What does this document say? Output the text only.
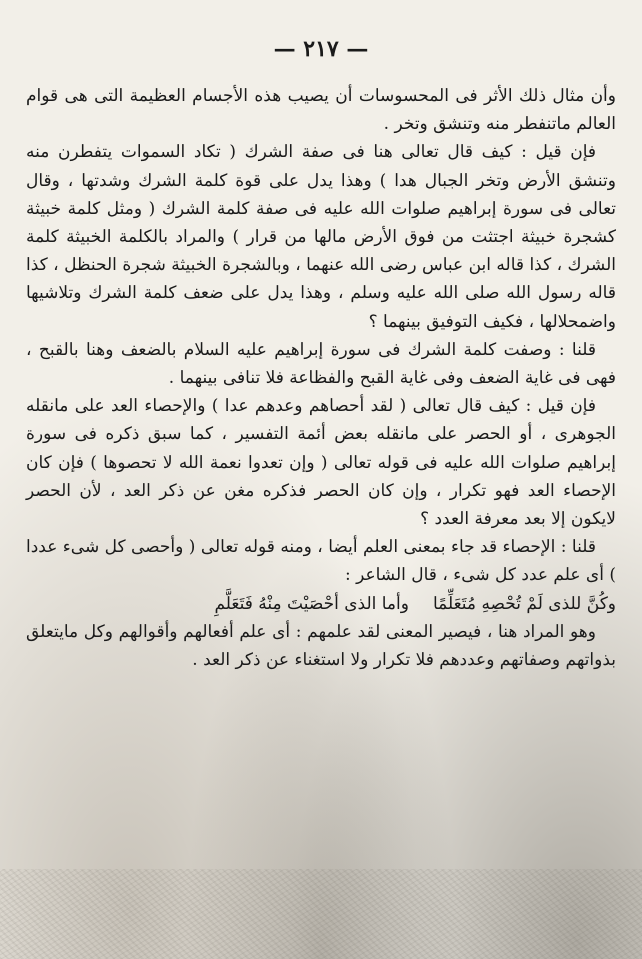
— ٢١٧ —

وأن مثال ذلك الأثر فى المحسوسات أن يصيب هذه الأجسام العظيمة التى هى قوام العالم ماتنفطر منه وتنشق وتخر .

فإن قيل : كيف قال تعالى هنا فى صفة الشرك ( تكاد السموات يتفطرن منه وتنشق الأرض وتخر الجبال هدا ) وهذا يدل على قوة كلمة الشرك وشدتها ، وقال تعالى فى سورة إبراهيم صلوات الله عليه فى صفة كلمة الشرك ( ومثل كلمة خبيثة كشجرة خبيثة اجتثت من فوق الأرض مالها من قرار ) والمراد بالكلمة الخبيثة كلمة الشرك ، كذا قاله ابن عباس رضى الله عنهما ، وبالشجرة الخبيثة شجرة الحنظل ، كذا قاله رسول الله صلى الله عليه وسلم ، وهذا يدل على ضعف كلمة الشرك وتلاشيها واضمحلالها ، فكيف التوفيق بينهما ؟

قلنا : وصفت كلمة الشرك فى سورة إبراهيم عليه السلام بالضعف وهنا بالقبح ، فهى فى غاية الضعف وفى غاية القبح والفظاعة فلا تنافى بينهما .

فإن قيل : كيف قال تعالى ( لقد أحصاهم وعدهم عدا ) والإحصاء العد على مانقله الجوهرى ، أو الحصر على مانقله بعض أئمة التفسير ، كما سبق ذكره فى سورة إبراهيم صلوات الله عليه فى قوله تعالى ( وإن تعدوا نعمة الله لا تحصوها ) فإن كان الإحصاء العد فهو تكرار ، وإن كان الحصر فذكره مغن عن ذكر العد ، لأن الحصر لايكون إلا بعد معرفة العدد ؟

قلنا : الإحصاء قد جاء بمعنى العلم أيضا ، ومنه قوله تعالى ( وأحصى كل شىء عددا ) أى علم عدد كل شىء ، قال الشاعر :

وكُنَّ للذى لَمْ تُحْصِهِ مُتَعَلِّمًاوأما الذى أحْصَيْتَ مِنْهُ فَتَعَلَّمِ

وهو المراد هنا ، فيصير المعنى لقد علمهم : أى علم أفعالهم وأقوالهم وكل مايتعلق بذواتهم وصفاتهم وعددهم فلا تكرار ولا استغناء عن ذكر العد .
